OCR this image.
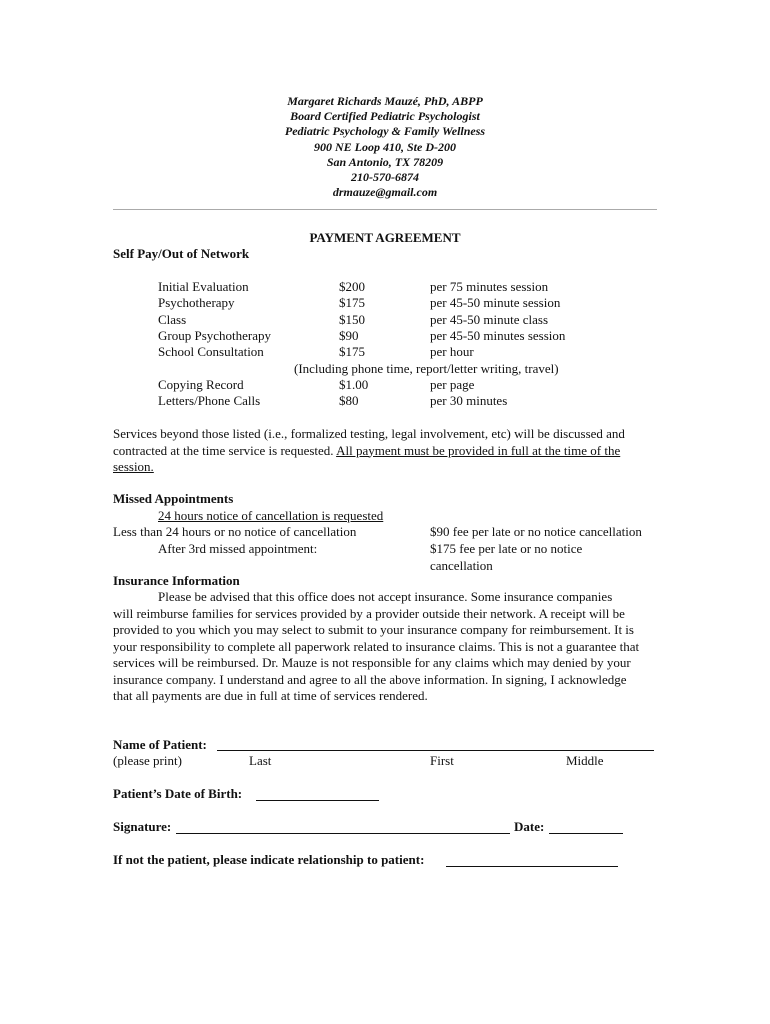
Margaret Richards Mauzé, PhD, ABPP
Board Certified Pediatric Psychologist
Pediatric Psychology & Family Wellness
900 NE Loop 410, Ste D-200
San Antonio, TX 78209
210-570-6874
drmauze@gmail.com
PAYMENT AGREEMENT
Self Pay/Out of Network
Initial Evaluation	$200	per 75 minutes session
Psychotherapy	$175	per 45-50 minute session
Class	$150	per 45-50 minute class
Group Psychotherapy	$90	per 45-50 minutes session
School Consultation	$175	per hour
(Including phone time, report/letter writing, travel)
Copying Record	$1.00	per page
Letters/Phone Calls	$80	per 30 minutes
Services beyond those listed (i.e., formalized testing, legal involvement, etc) will be discussed and contracted at the time service is requested. All payment must be provided in full at the time of the session.
Missed Appointments
24 hours notice of cancellation is requested
Less than 24 hours or no notice of cancellation	$90 fee per late or no notice cancellation
After 3rd missed appointment:	$175 fee per late or no notice cancellation
Insurance Information
Please be advised that this office does not accept insurance. Some insurance companies
will reimburse families for services provided by a provider outside their network. A receipt will be provided to you which you may select to submit to your insurance company for reimbursement. It is your responsibility to complete all paperwork related to insurance claims. This is not a guarantee that services will be reimbursed. Dr. Mauze is not responsible for any claims which may denied by your insurance company. I understand and agree to all the above information. In signing, I acknowledge that all payments are due in full at time of services rendered.
Name of Patient:
(please print)	Last	First	Middle
Patient’s Date of Birth:
Signature:	Date:
If not the patient, please indicate relationship to patient:
